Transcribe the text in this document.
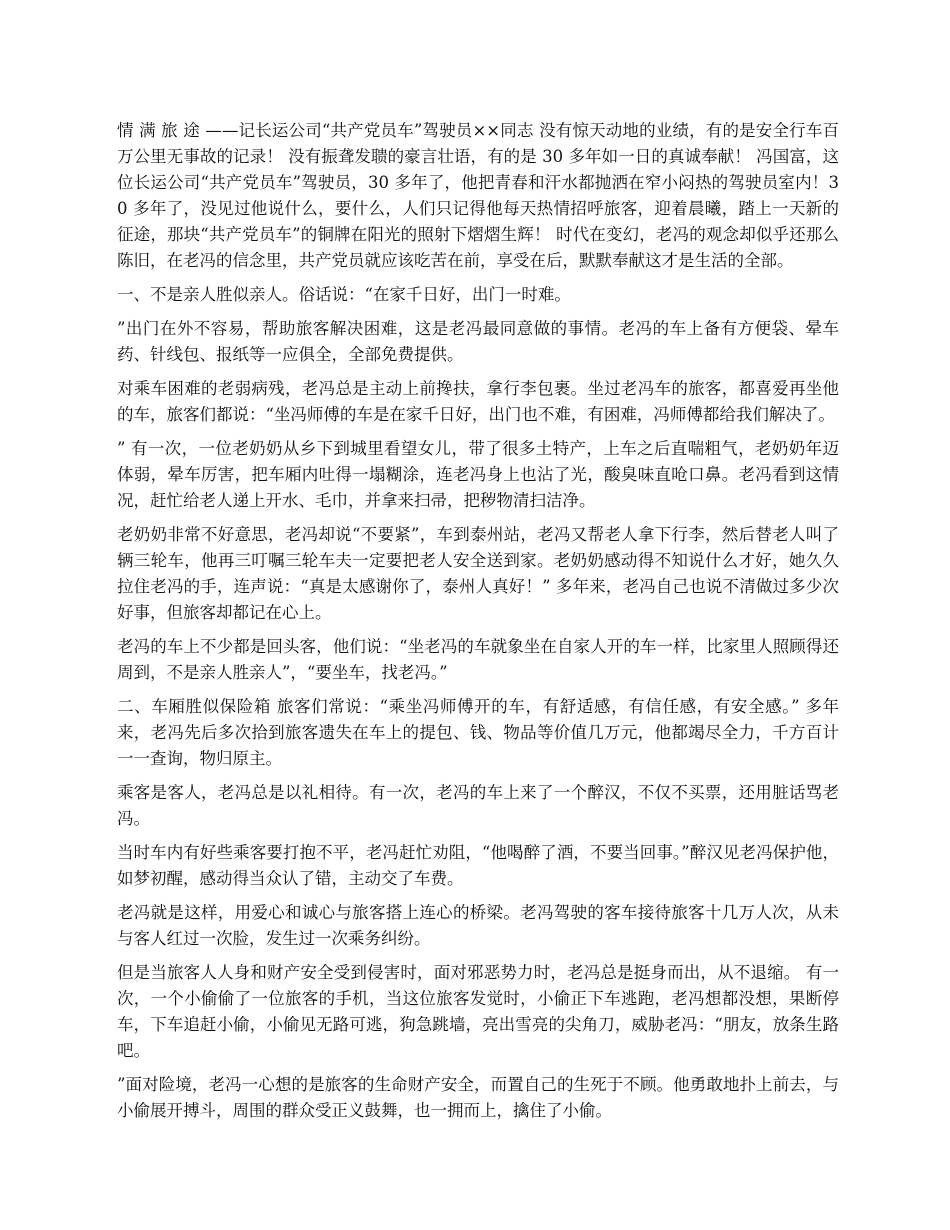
情 满 旅 途 ——记长运公司“共产党员车”驾驶员××同志 没有惊天动地的业绩，有的是安全行车百万公里无事故的记录！ 没有振聋发聩的豪言壮语，有的是 30 多年如一日的真诚奉献！ 冯国富，这位长运公司“共产党员车”驾驶员，30 多年了，他把青春和汗水都抛洒在窄小闷热的驾驶员室内！30 多年了，没见过他说什么，要什么，人们只记得他每天热情招呼旅客，迎着晨曦，踏上一天新的征途，那块“共产党员车”的铜牌在阳光的照射下熠熠生辉！ 时代在变幻，老冯的观念却似乎还那么陈旧，在老冯的信念里，共产党员就应该吃苦在前，享受在后，默默奉献这才是生活的全部。

一、不是亲人胜似亲人。俗话说：“在家千日好，出门一时难。

”出门在外不容易，帮助旅客解决困难，这是老冯最同意做的事情。老冯的车上备有方便袋、晕车药、针线包、报纸等一应俱全，全部免费提供。

对乘车困难的老弱病残，老冯总是主动上前搀扶，拿行李包裹。坐过老冯车的旅客，都喜爱再坐他的车，旅客们都说：“坐冯师傅的车是在家千日好，出门也不难，有困难，冯师傅都给我们解决了。

” 有一次，一位老奶奶从乡下到城里看望女儿，带了很多土特产，上车之后直喘粗气，老奶奶年迈体弱，晕车厉害，把车厢内吐得一塌糊涂，连老冯身上也沾了光，酸臭味直呛口鼻。老冯看到这情况，赶忙给老人递上开水、毛巾，并拿来扫帚，把秽物清扫洁净。

老奶奶非常不好意思，老冯却说“不要紧”，车到泰州站，老冯又帮老人拿下行李，然后替老人叫了辆三轮车，他再三叮嘱三轮车夫一定要把老人安全送到家。老奶奶感动得不知说什么才好，她久久拉住老冯的手，连声说：“真是太感谢你了，泰州人真好！” 多年来，老冯自己也说不清做过多少次好事，但旅客却都记在心上。

老冯的车上不少都是回头客，他们说：“坐老冯的车就象坐在自家人开的车一样，比家里人照顾得还周到，不是亲人胜亲人”，“要坐车，找老冯。”

二、车厢胜似保险箱 旅客们常说：“乘坐冯师傅开的车，有舒适感，有信任感，有安全感。” 多年来，老冯先后多次拾到旅客遗失在车上的提包、钱、物品等价值几万元，他都竭尽全力，千方百计一一查询，物归原主。

乘客是客人，老冯总是以礼相待。有一次，老冯的车上来了一个醉汉，不仅不买票，还用脏话骂老冯。

当时车内有好些乘客要打抱不平，老冯赶忙劝阻，“他喝醉了酒，不要当回事。”醉汉见老冯保护他，如梦初醒，感动得当众认了错，主动交了车费。

老冯就是这样，用爱心和诚心与旅客搭上连心的桥梁。老冯驾驶的客车接待旅客十几万人次，从未与客人红过一次脸，发生过一次乘务纠纷。

但是当旅客人人身和财产安全受到侵害时，面对邪恶势力时，老冯总是挺身而出，从不退缩。 有一次，一个小偷偷了一位旅客的手机，当这位旅客发觉时，小偷正下车逃跑，老冯想都没想，果断停车，下车追赶小偷，小偷见无路可逃，狗急跳墙，亮出雪亮的尖角刀，威胁老冯：“朋友，放条生路吧。

”面对险境，老冯一心想的是旅客的生命财产安全，而置自己的生死于不顾。他勇敢地扑上前去，与小偷展开搏斗，周围的群众受正义鼓舞，也一拥而上，擒住了小偷。
